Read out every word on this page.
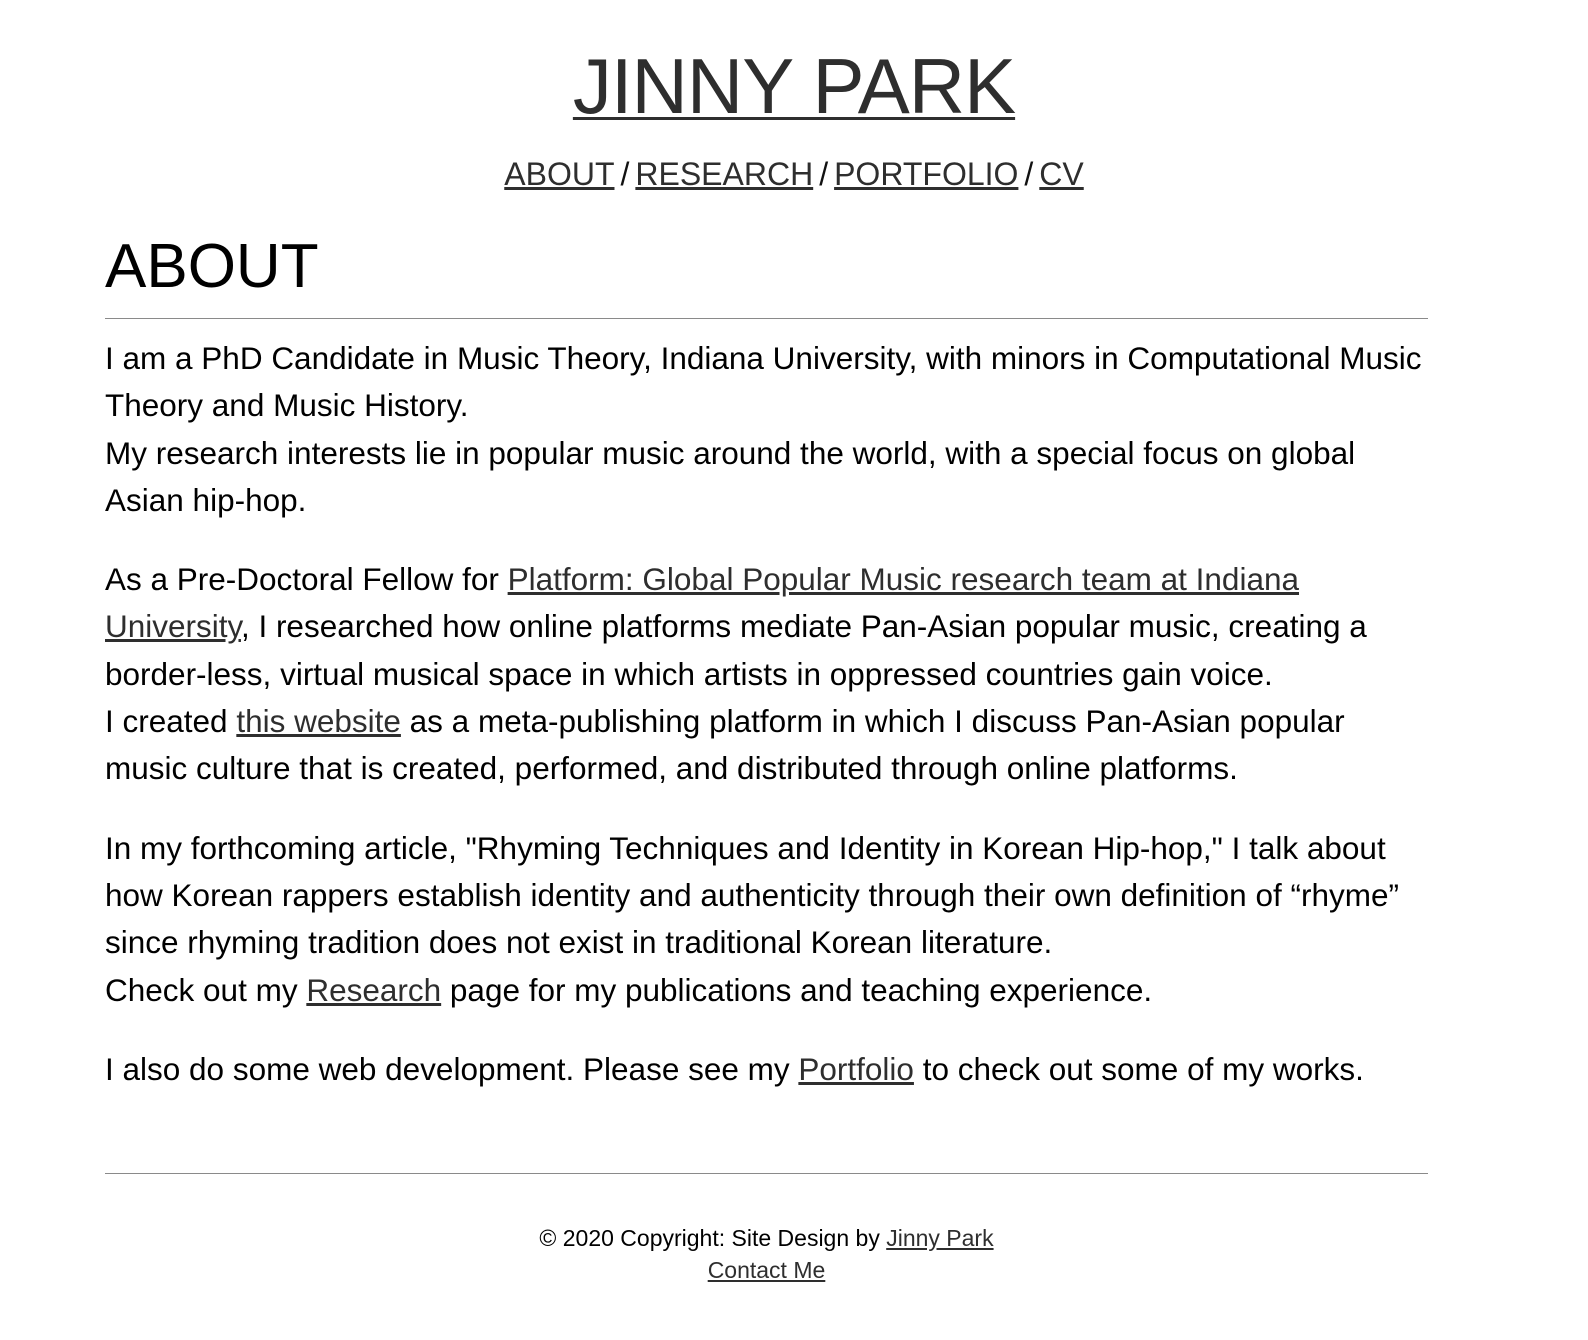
JINNY PARK
ABOUT / RESEARCH / PORTFOLIO / CV
ABOUT

I am a PhD Candidate in Music Theory, Indiana University, with minors in Computational Music Theory and Music History.
My research interests lie in popular music around the world, with a special focus on global Asian hip-hop.

As a Pre-Doctoral Fellow for Platform: Global Popular Music research team at Indiana University, I researched how online platforms mediate Pan-Asian popular music, creating a border-less, virtual musical space in which artists in oppressed countries gain voice.
I created this website as a meta-publishing platform in which I discuss Pan-Asian popular music culture that is created, performed, and distributed through online platforms.

In my forthcoming article, "Rhyming Techniques and Identity in Korean Hip-hop," I talk about how Korean rappers establish identity and authenticity through their own definition of “rhyme” since rhyming tradition does not exist in traditional Korean literature.
Check out my Research page for my publications and teaching experience.

I also do some web development. Please see my Portfolio to check out some of my works.

© 2020 Copyright: Site Design by Jinny Park
Contact Me
